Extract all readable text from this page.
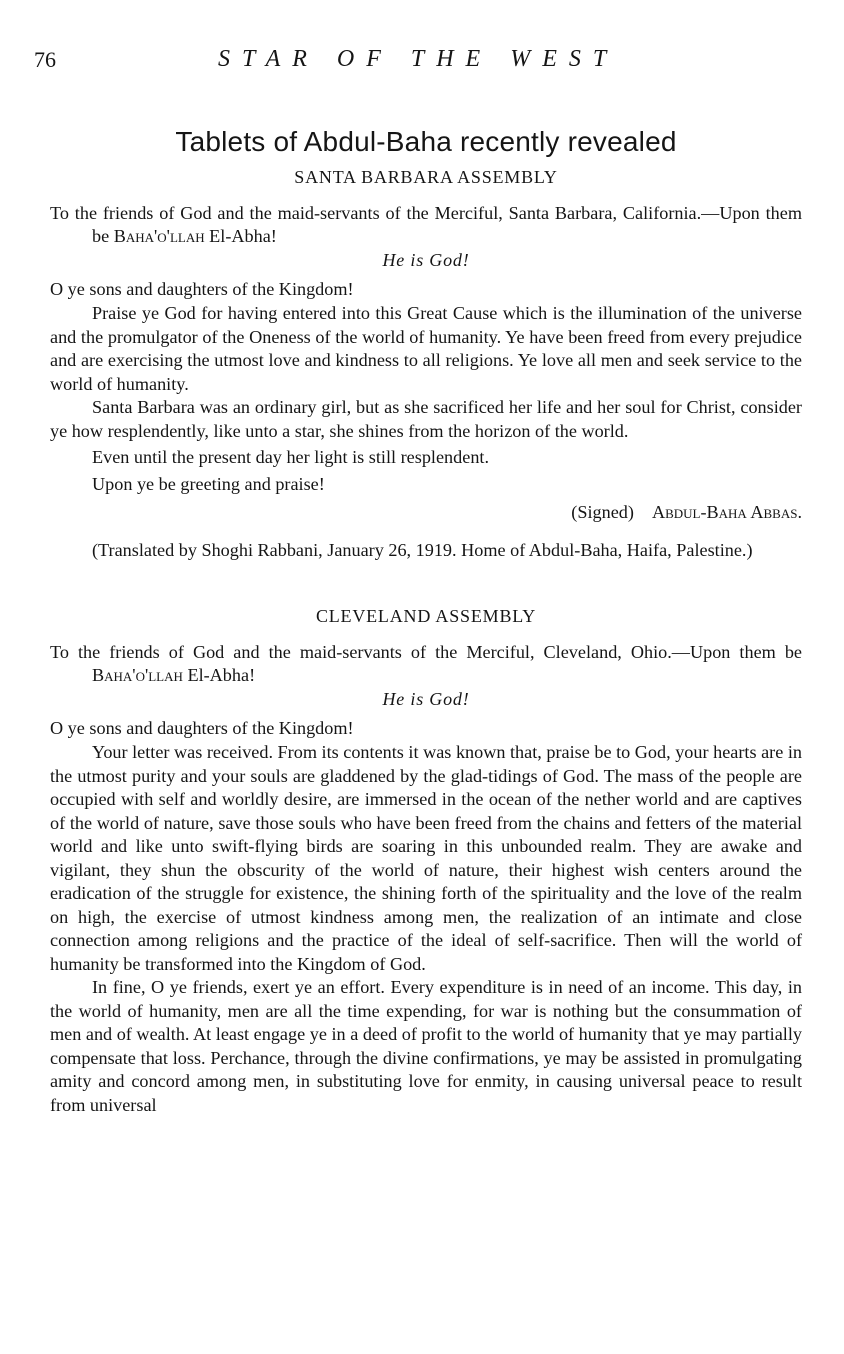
76	STAR OF THE WEST
Tablets of Abdul-Baha recently revealed
SANTA BARBARA ASSEMBLY
To the friends of God and the maid-servants of the Merciful, Santa Barbara, California.—Upon them be Baha'o'llah El-Abha!
He is God!
O ye sons and daughters of the Kingdom!

Praise ye God for having entered into this Great Cause which is the illumination of the universe and the promulgator of the Oneness of the world of humanity. Ye have been freed from every prejudice and are exercising the utmost love and kindness to all religions. Ye love all men and seek service to the world of humanity.

Santa Barbara was an ordinary girl, but as she sacrificed her life and her soul for Christ, consider ye how resplendently, like unto a star, she shines from the horizon of the world.

Even until the present day her light is still resplendent.

Upon ye be greeting and praise!

(Signed) Abdul-Baha Abbas.
(Translated by Shoghi Rabbani, January 26, 1919. Home of Abdul-Baha, Haifa, Palestine.)
CLEVELAND ASSEMBLY
To the friends of God and the maid-servants of the Merciful, Cleveland, Ohio.—Upon them be Baha'o'llah El-Abha!
He is God!
O ye sons and daughters of the Kingdom!

Your letter was received. From its contents it was known that, praise be to God, your hearts are in the utmost purity and your souls are gladdened by the glad-tidings of God. The mass of the people are occupied with self and worldly desire, are immersed in the ocean of the nether world and are captives of the world of nature, save those souls who have been freed from the chains and fetters of the material world and like unto swift-flying birds are soaring in this unbounded realm. They are awake and vigilant, they shun the obscurity of the world of nature, their highest wish centers around the eradication of the struggle for existence, the shining forth of the spirituality and the love of the realm on high, the exercise of utmost kindness among men, the realization of an intimate and close connection among religions and the practice of the ideal of self-sacrifice. Then will the world of humanity be transformed into the Kingdom of God.

In fine, O ye friends, exert ye an effort. Every expenditure is in need of an income. This day, in the world of humanity, men are all the time expending, for war is nothing but the consummation of men and of wealth. At least engage ye in a deed of profit to the world of humanity that ye may partially compensate that loss. Perchance, through the divine confirmations, ye may be assisted in promulgating amity and concord among men, in substituting love for enmity, in causing universal peace to result from universal
